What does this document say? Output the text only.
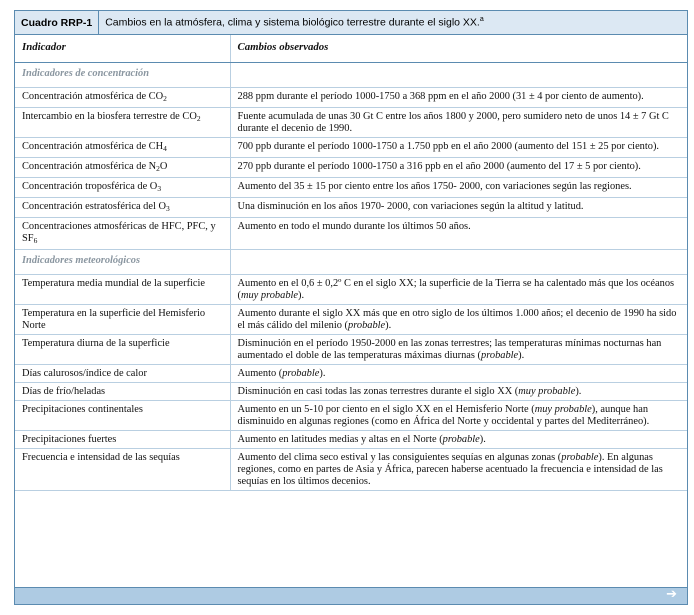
Cuadro RRP-1	Cambios en la atmósfera, clima y sistema biológico terrestre durante el siglo XX.$^a$
Indicador	Cambios observados
Indicadores de concentración	
Concentración atmosférica de $CO_2$	288 ppm durante el período 1000-1750 a 368 ppm en el año 2000 (31 ± 4 por ciento de aumento).
Intercambio en la biosfera terrestre de $CO_2$	Fuente acumulada de unas 30 Gt C entre los años 1800 y 2000, pero sumidero neto de unos 14 ± 7 Gt C durante el decenio de 1990.
Concentración atmosférica de $CH_4$	700 ppb durante el período 1000-1750 a 1.750 ppb en el año 2000 (aumento del 151 ± 25 por ciento).
Concentración atmosférica de $N_2O$	270 ppb durante el período 1000-1750 a 316 ppb en el año 2000 (aumento del 17 ± 5 por ciento).
Concentración troposférica de $O_3$	Aumento del 35 ± 15 por ciento entre los años 1750- 2000, con variaciones según las regiones.
Concentración estratosférica del $O_3$	Una disminución en los años 1970- 2000, con variaciones según la altitud y latitud.
Concentraciones atmosféricas de HFC, PFC, y $SF_6$	Aumento en todo el mundo durante los últimos 50 años.
Indicadores meteorológicos	
Temperatura media mundial de la superficie	Aumento en el 0,6 ± 0,2º C en el siglo XX; la superficie de la Tierra se ha calentado más que los océanos (muy probable).
Temperatura en la superficie del Hemisferio Norte	Aumento durante el siglo XX más que en otro siglo de los últimos 1.000 años; el decenio de 1990 ha sido el más cálido del milenio (probable).
Temperatura diurna de la superficie	Disminución en el período 1950-2000 en las zonas terrestres; las temperaturas mínimas nocturnas han aumentado el doble de las temperaturas máximas diurnas (probable).
Días calurosos/índice de calor	Aumento (probable).
Días de frío/heladas	Disminución en casi todas las zonas terrestres durante el siglo XX (muy probable).
Precipitaciones continentales	Aumento en un 5-10 por ciento en el siglo XX en el Hemisferio Norte (muy probable), aunque han disminuido en algunas regiones (como en África del Norte y occidental y partes del Mediterráneo).
Precipitaciones fuertes	Aumento en latitudes medias y altas en el Norte (probable).
Frecuencia e intensidad de las sequías	Aumento del clima seco estival y las consiguientes sequías en algunas zonas (probable). En algunas regiones, como en partes de Asia y África, parecen haberse acentuado la frecuencia e intensidad de las sequías en los últimos decenios.
➔
